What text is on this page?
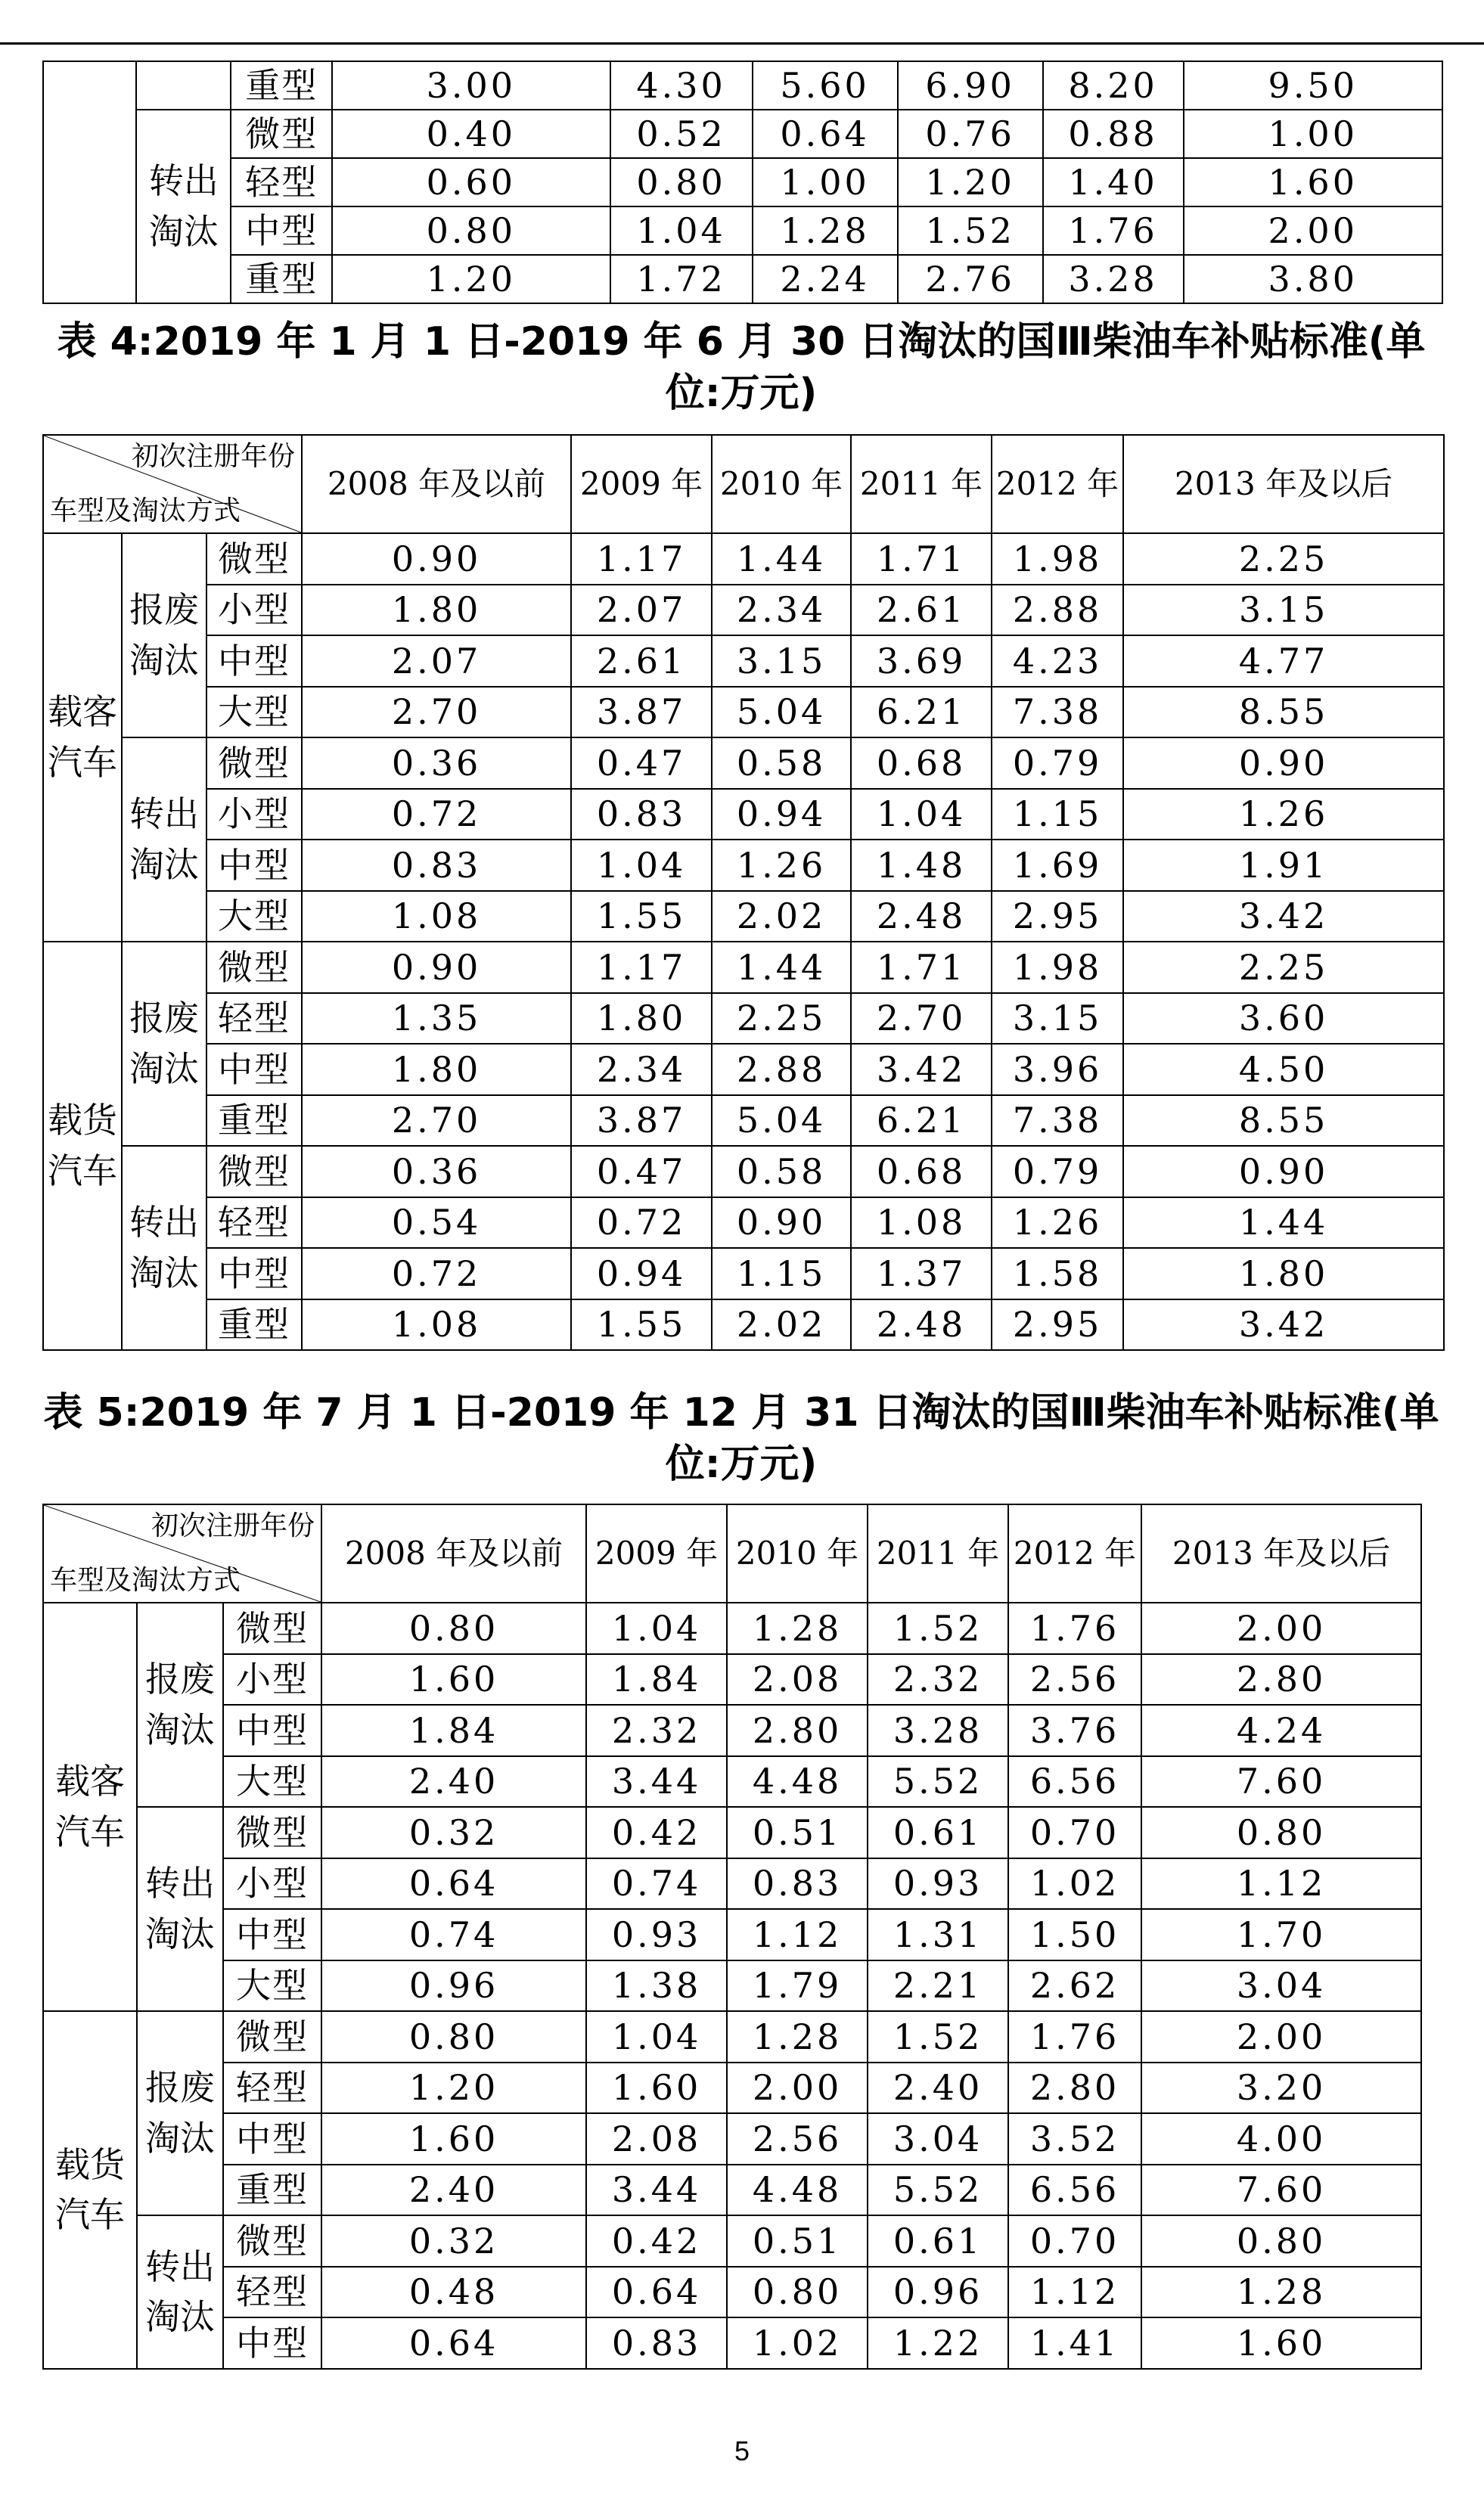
		重型	3.00	4.30	5.60	6.90	8.20	9.50
	转出淘汰	微型	0.40	0.52	0.64	0.76	0.88	1.00
		轻型	0.60	0.80	1.00	1.20	1.40	1.60
		中型	0.80	1.04	1.28	1.52	1.76	2.00
		重型	1.20	1.72	2.24	2.76	3.28	3.80
表 4:2019 年 1 月 1 日-2019 年 6 月 30 日淘汰的国Ⅲ柴油车补贴标准(单位:万元)
初次注册年份
车型及淘汰方式			2008 年及以前	2009 年	2010 年	2011 年	2012 年	2013 年及以后
载客汽车	报废淘汰	微型	0.90	1.17	1.44	1.71	1.98	2.25
		小型	1.80	2.07	2.34	2.61	2.88	3.15
		中型	2.07	2.61	3.15	3.69	4.23	4.77
		大型	2.70	3.87	5.04	6.21	7.38	8.55
	转出淘汰	微型	0.36	0.47	0.58	0.68	0.79	0.90
		小型	0.72	0.83	0.94	1.04	1.15	1.26
		中型	0.83	1.04	1.26	1.48	1.69	1.91
		大型	1.08	1.55	2.02	2.48	2.95	3.42
载货汽车	报废淘汰	微型	0.90	1.17	1.44	1.71	1.98	2.25
		轻型	1.35	1.80	2.25	2.70	3.15	3.60
		中型	1.80	2.34	2.88	3.42	3.96	4.50
		重型	2.70	3.87	5.04	6.21	7.38	8.55
	转出淘汰	微型	0.36	0.47	0.58	0.68	0.79	0.90
		轻型	0.54	0.72	0.90	1.08	1.26	1.44
		中型	0.72	0.94	1.15	1.37	1.58	1.80
		重型	1.08	1.55	2.02	2.48	2.95	3.42
表 5:2019 年 7 月 1 日-2019 年 12 月 31 日淘汰的国Ⅲ柴油车补贴标准(单位:万元)
初次注册年份
车型及淘汰方式			2008 年及以前	2009 年	2010 年	2011 年	2012 年	2013 年及以后
载客汽车	报废淘汰	微型	0.80	1.04	1.28	1.52	1.76	2.00
		小型	1.60	1.84	2.08	2.32	2.56	2.80
		中型	1.84	2.32	2.80	3.28	3.76	4.24
		大型	2.40	3.44	4.48	5.52	6.56	7.60
	转出淘汰	微型	0.32	0.42	0.51	0.61	0.70	0.80
		小型	0.64	0.74	0.83	0.93	1.02	1.12
		中型	0.74	0.93	1.12	1.31	1.50	1.70
		大型	0.96	1.38	1.79	2.21	2.62	3.04
载货汽车	报废淘汰	微型	0.80	1.04	1.28	1.52	1.76	2.00
		轻型	1.20	1.60	2.00	2.40	2.80	3.20
		中型	1.60	2.08	2.56	3.04	3.52	4.00
		重型	2.40	3.44	4.48	5.52	6.56	7.60
	转出淘汰	微型	0.32	0.42	0.51	0.61	0.70	0.80
		轻型	0.48	0.64	0.80	0.96	1.12	1.28
		中型	0.64	0.83	1.02	1.22	1.41	1.60
5
